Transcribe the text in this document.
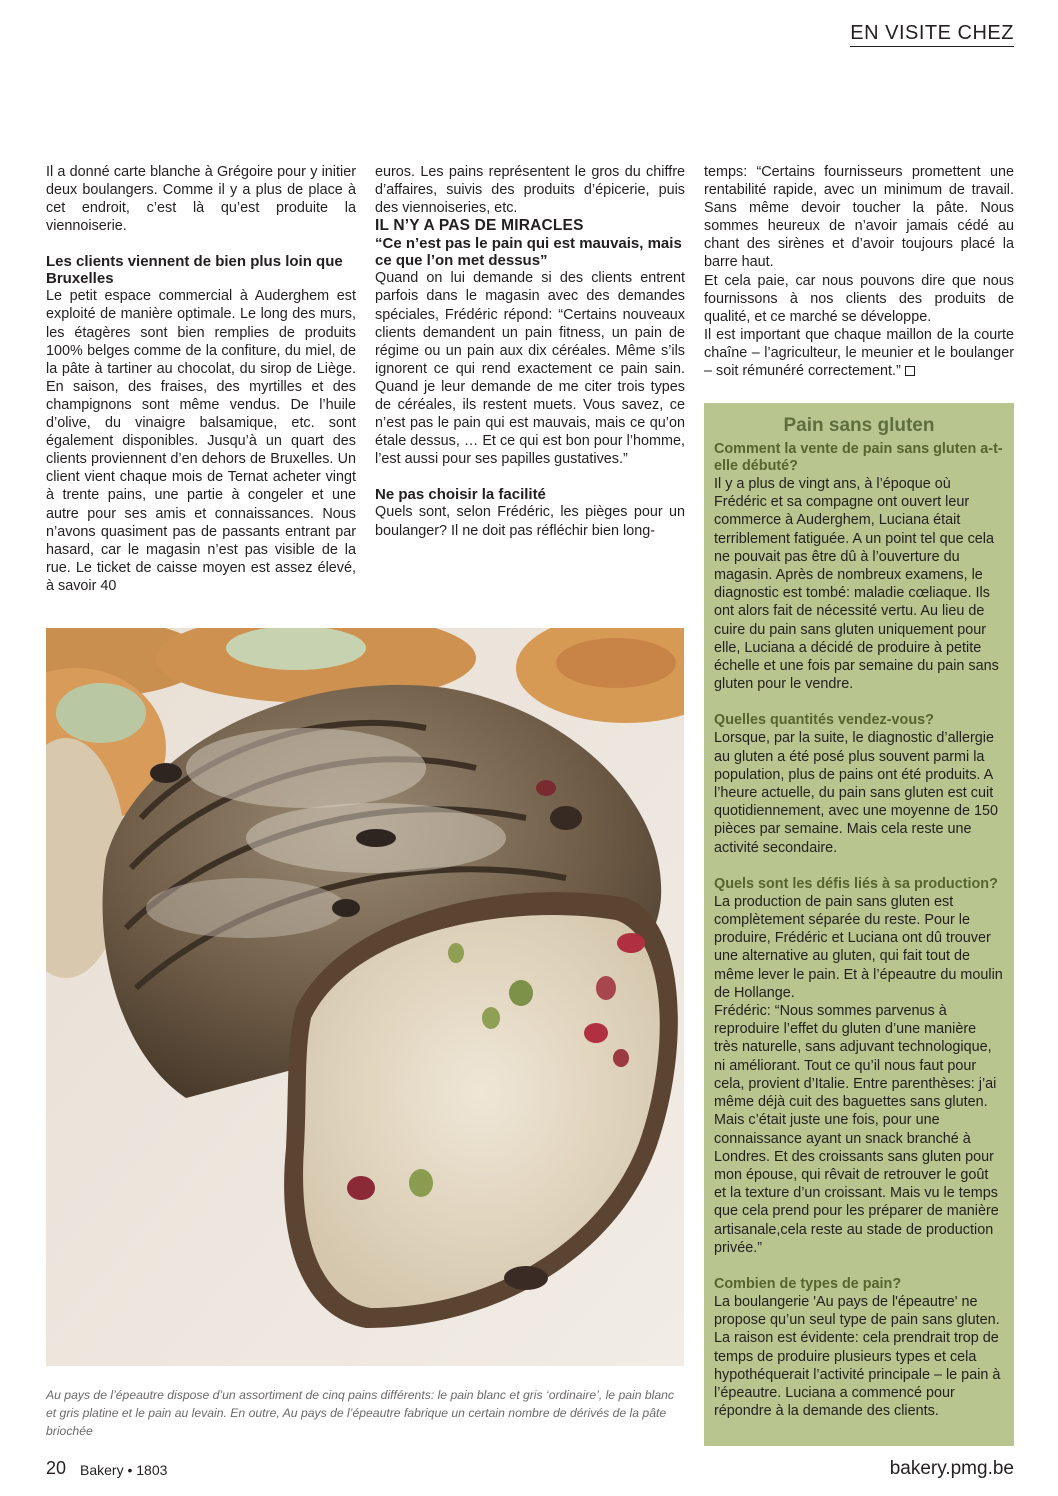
EN VISITE CHEZ

Il a donné carte blanche à Grégoire pour y initier deux boulangers. Comme il y a plus de place à cet endroit, c’est là qu’est produite la viennoiserie.

Les clients viennent de bien plus loin que Bruxelles

Le petit espace commercial à Auderghem est exploité de manière optimale. Le long des murs, les étagères sont bien remplies de produits 100% belges comme de la confiture, du miel, de la pâte à tartiner au chocolat, du sirop de Liège. En saison, des fraises, des myrtilles et des champignons sont même vendus. De l’huile d’olive, du vinaigre balsamique, etc. sont également disponibles. Jusqu’à un quart des clients proviennent d’en dehors de Bruxelles. Un client vient chaque mois de Ternat acheter vingt à trente pains, une partie à congeler et une autre pour ses amis et connaissances. Nous n’avons quasiment pas de passants entrant par hasard, car le magasin n’est pas visible de la rue. Le ticket de caisse moyen est assez élevé, à savoir 40

euros. Les pains représentent le gros du chiffre d’affaires, suivis des produits d’épicerie, puis des viennoiseries, etc.

IL N’Y A PAS DE MIRACLES

“Ce n’est pas le pain qui est mauvais, mais ce que l’on met dessus”

Quand on lui demande si des clients entrent parfois dans le magasin avec des demandes spéciales, Frédéric répond: “Certains nouveaux clients demandent un pain fitness, un pain de régime ou un pain aux dix céréales. Même s’ils ignorent ce qui rend exactement ce pain sain. Quand je leur demande de me citer trois types de céréales, ils restent muets. Vous savez, ce n’est pas le pain qui est mauvais, mais ce qu’on étale dessus, … Et ce qui est bon pour l’homme, l’est aussi pour ses papilles gustatives.”

Ne pas choisir la facilité

Quels sont, selon Frédéric, les pièges pour un boulanger? Il ne doit pas réfléchir bien long-

temps: “Certains fournisseurs promettent une rentabilité rapide, avec un minimum de travail. Sans même devoir toucher la pâte. Nous sommes heureux de n’avoir jamais cédé au chant des sirènes et d’avoir toujours placé la barre haut.

Et cela paie, car nous pouvons dire que nous fournissons à nos clients des produits de qualité, et ce marché se développe.

Il est important que chaque maillon de la courte chaîne – l’agriculteur, le meunier et le boulanger – soit rémunéré correctement.”

Au pays de l’épeautre dispose d’un assortiment de cinq pains différents: le pain blanc et gris ‘ordinaire’, le pain blanc et gris platine et le pain au levain. En outre, Au pays de l’épeautre fabrique un certain nombre de dérivés de la pâte briochée

Pain sans gluten

Comment la vente de pain sans gluten a-t-elle débuté?

Il y a plus de vingt ans, à l’époque où Frédéric et sa compagne ont ouvert leur commerce à Auderghem, Luciana était terriblement fatiguée. A un point tel que cela ne pouvait pas être dû à l’ouverture du magasin. Après de nombreux examens, le diagnostic est tombé: maladie cœliaque. Ils ont alors fait de nécessité vertu. Au lieu de cuire du pain sans gluten uniquement pour elle, Luciana a décidé de produire à petite échelle et une fois par semaine du pain sans gluten pour le vendre.

Quelles quantités vendez-vous?

Lorsque, par la suite, le diagnostic d’allergie au gluten a été posé plus souvent parmi la population, plus de pains ont été produits. A l’heure actuelle, du pain sans gluten est cuit quotidiennement, avec une moyenne de 150 pièces par semaine. Mais cela reste une activité secondaire.

Quels sont les défis liés à sa production?

La production de pain sans gluten est complètement séparée du reste. Pour le produire, Frédéric et Luciana ont dû trouver une alternative au gluten, qui fait tout de même lever le pain. Et à l’épeautre du moulin de Hollange.

Frédéric: “Nous sommes parvenus à reproduire l’effet du gluten d’une manière très naturelle, sans adjuvant technologique, ni améliorant. Tout ce qu’il nous faut pour cela, provient d’Italie. Entre parenthèses: j’ai même déjà cuit des baguettes sans gluten. Mais c’était juste une fois, pour une connaissance ayant un snack branché à Londres. Et des croissants sans gluten pour mon épouse, qui rêvait de retrouver le goût et la texture d’un croissant. Mais vu le temps que cela prend pour les préparer de manière artisanale,cela reste au stade de production privée.”

Combien de types de pain?

La boulangerie 'Au pays de l'épeautre' ne propose qu’un seul type de pain sans gluten. La raison est évidente: cela prendrait trop de temps de produire plusieurs types et cela hypothéquerait l’activité principale – le pain à l’épeautre. Luciana a commencé pour répondre à la demande des clients.

20 Bakery • 1803	bakery.pmg.be
